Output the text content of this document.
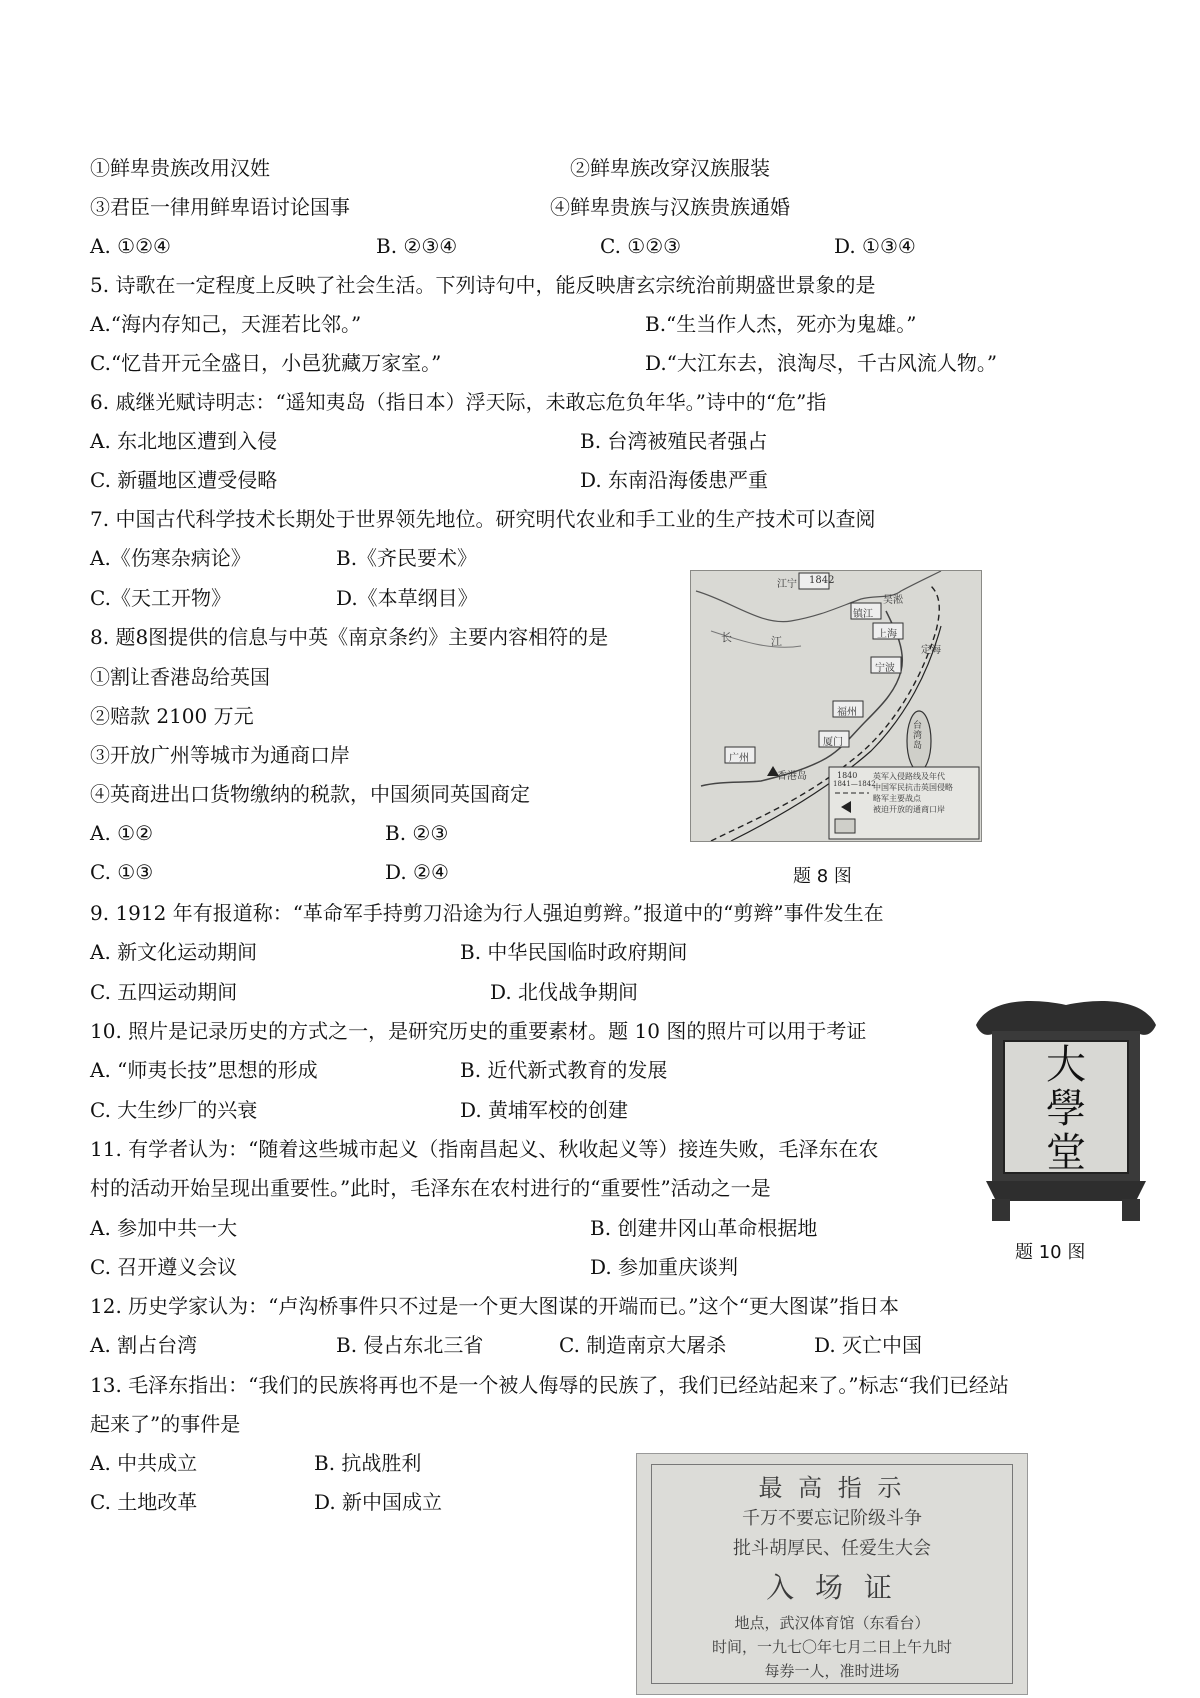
①鲜卑贵族改用汉姓	②鲜卑族改穿汉族服装
③君臣一律用鲜卑语讨论国事	④鲜卑贵族与汉族贵族通婚
A. ①②④	B. ②③④	C. ①②③	D. ①③④
5. 诗歌在一定程度上反映了社会生活。下列诗句中，能反映唐玄宗统治前期盛世景象的是
A.“海内存知己，天涯若比邻。”	B.“生当作人杰，死亦为鬼雄。”
C.“忆昔开元全盛日，小邑犹藏万家室。”	D.“大江东去，浪淘尽，千古风流人物。”
6. 戚继光赋诗明志：“遥知夷岛（指日本）浮天际，未敢忘危负年华。”诗中的“危”指
A. 东北地区遭到入侵	B. 台湾被殖民者强占
C. 新疆地区遭受侵略	D. 东南沿海倭患严重
7. 中国古代科学技术长期处于世界领先地位。研究明代农业和手工业的生产技术可以查阅
A.《伤寒杂病论》	B.《齐民要术》
C.《天工开物》	D.《本草纲目》
8. 题8图提供的信息与中英《南京条约》主要内容相符的是
①割让香港岛给英国
②赔款 2100 万元
③开放广州等城市为通商口岸
④英商进出口货物缴纳的税款，中国须同英国商定
A. ①②	B. ②③
C. ①③	D. ②④
1842
江宁
镇江
吴淞
上海
定海
宁波
福州
厦门
台湾岛
广州
香港岛
长	江
英军入侵路线及年代
中国军民抗击英国侵略
略军主要战点
被迫开放的通商口岸
1840
1841—1842
题 8 图
9. 1912 年有报道称：“革命军手持剪刀沿途为行人强迫剪辫。”报道中的“剪辫”事件发生在
A. 新文化运动期间	B. 中华民国临时政府期间
C. 五四运动期间	D. 北伐战争期间
10. 照片是记录历史的方式之一，是研究历史的重要素材。题 10 图的照片可以用于考证
A. “师夷长技”思想的形成	B. 近代新式教育的发展
C. 大生纱厂的兴衰	D. 黄埔军校的创建
大
學
堂
题 10 图
11. 有学者认为：“随着这些城市起义（指南昌起义、秋收起义等）接连失败，毛泽东在农
村的活动开始呈现出重要性。”此时，毛泽东在农村进行的“重要性”活动之一是
A. 参加中共一大	B. 创建井冈山革命根据地
C. 召开遵义会议	D. 参加重庆谈判
12. 历史学家认为：“卢沟桥事件只不过是一个更大图谋的开端而已。”这个“更大图谋”指日本
A. 割占台湾	B. 侵占东北三省	C. 制造南京大屠杀	D. 灭亡中国
13. 毛泽东指出：“我们的民族将再也不是一个被人侮辱的民族了，我们已经站起来了。”标志“我们已经站
起来了”的事件是
A. 中共成立	B. 抗战胜利
C. 土地改革	D. 新中国成立	最 高 指 示
千万不要忘记阶级斗争
批斗胡厚民、任爱生大会
入 场 证
地点，武汉体育馆（东看台）
时间，一九七〇年七月二日上午九时
每券一人，准时进场
